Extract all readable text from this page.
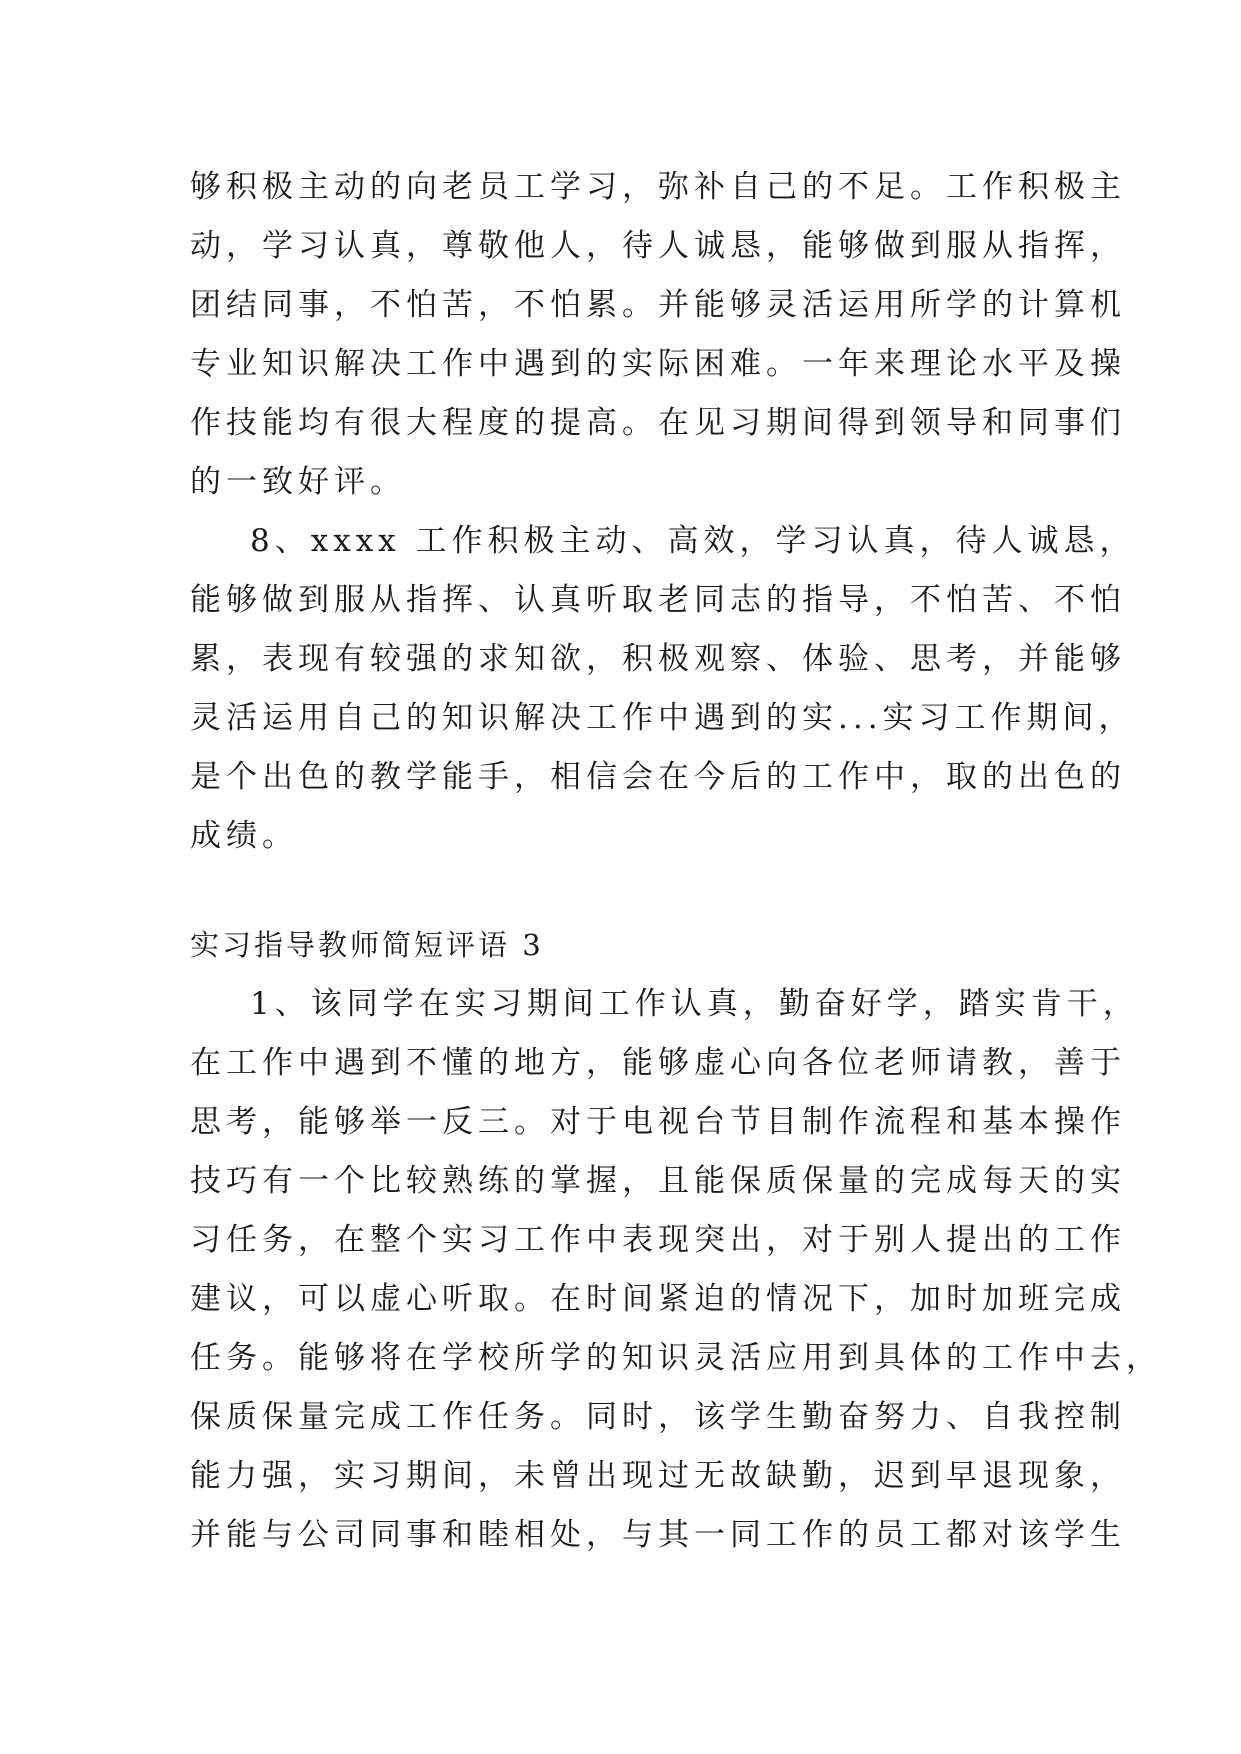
够积极主动的向老员工学习，弥补自己的不足。工作积极主
动，学习认真，尊敬他人，待人诚恳，能够做到服从指挥，
团结同事，不怕苦，不怕累。并能够灵活运用所学的计算机
专业知识解决工作中遇到的实际困难。一年来理论水平及操
作技能均有很大程度的提高。在见习期间得到领导和同事们
的一致好评。
8、xxxx 工作积极主动、高效，学习认真，待人诚恳，
能够做到服从指挥、认真听取老同志的指导，不怕苦、不怕
累，表现有较强的求知欲，积极观察、体验、思考，并能够
灵活运用自己的知识解决工作中遇到的实...实习工作期间，
是个出色的教学能手，相信会在今后的工作中，取的出色的
成绩。
实习指导教师简短评语 3
1、该同学在实习期间工作认真，勤奋好学，踏实肯干，
在工作中遇到不懂的地方，能够虚心向各位老师请教，善于
思考，能够举一反三。对于电视台节目制作流程和基本操作
技巧有一个比较熟练的掌握，且能保质保量的完成每天的实
习任务，在整个实习工作中表现突出，对于别人提出的工作
建议，可以虚心听取。在时间紧迫的情况下，加时加班完成
任务。能够将在学校所学的知识灵活应用到具体的工作中去，
保质保量完成工作任务。同时，该学生勤奋努力、自我控制
能力强，实习期间，未曾出现过无故缺勤，迟到早退现象，
并能与公司同事和睦相处，与其一同工作的员工都对该学生
